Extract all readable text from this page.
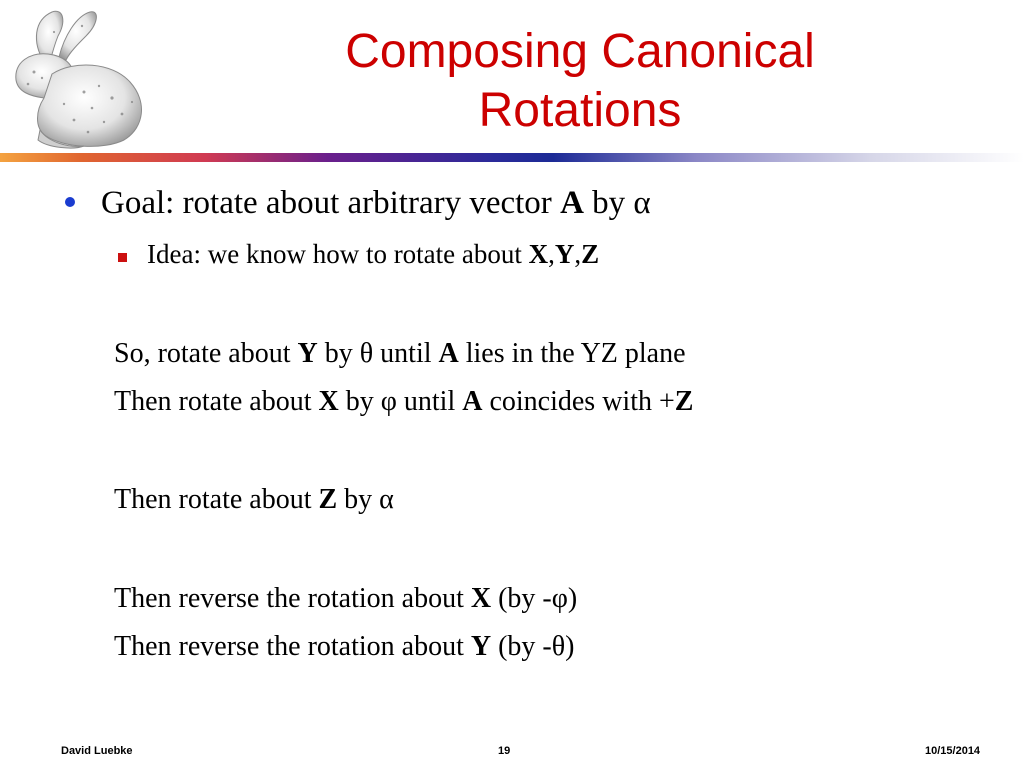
Composing Canonical
Rotations
Goal: rotate about arbitrary vector A by α
Idea: we know how to rotate about X,Y,Z
So, rotate about Y by θ until A lies in the YZ plane
Then rotate about X by φ until A coincides with +Z
Then rotate about Z by α
Then reverse the rotation about X (by -φ)
Then reverse the rotation about Y (by -θ)
David Luebke	19	10/15/2014
